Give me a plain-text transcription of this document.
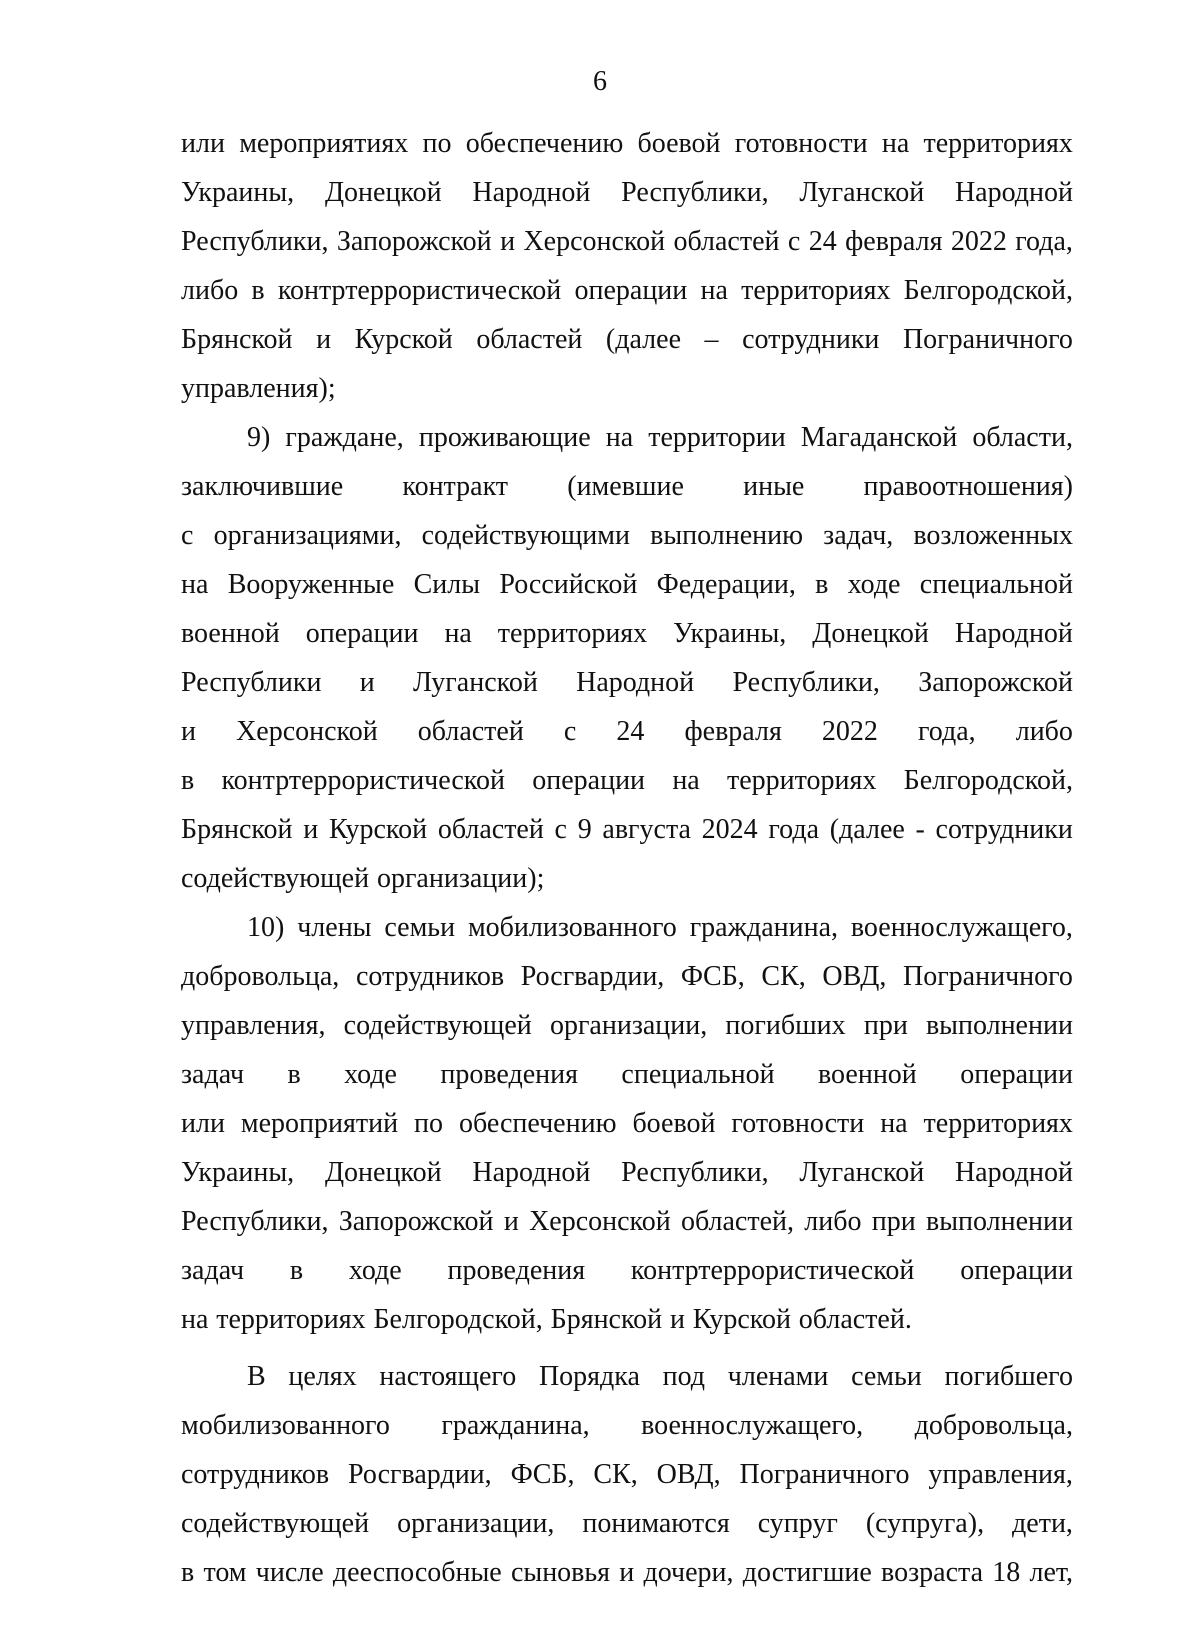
6
или мероприятиях по обеспечению боевой готовности на территориях
Украины, Донецкой Народной Республики, Луганской Народной
Республики, Запорожской и Херсонской областей с 24 февраля 2022 года,
либо в контртеррористической операции на территориях Белгородской,
Брянской и Курской областей (далее – сотрудники Пограничного
управления);
9) граждане, проживающие на территории Магаданской области,
заключившие контракт (имевшие иные правоотношения)
с организациями, содействующими выполнению задач, возложенных
на Вооруженные Силы Российской Федерации, в ходе специальной
военной операции на территориях Украины, Донецкой Народной
Республики и Луганской Народной Республики, Запорожской
и Херсонской областей с 24 февраля 2022 года, либо
в контртеррористической операции на территориях Белгородской,
Брянской и Курской областей с 9 августа 2024 года (далее - сотрудники
содействующей организации);
10) члены семьи мобилизованного гражданина, военнослужащего,
добровольца, сотрудников Росгвардии, ФСБ, СК, ОВД, Пограничного
управления, содействующей организации, погибших при выполнении
задач в ходе проведения специальной военной операции
или мероприятий по обеспечению боевой готовности на территориях
Украины, Донецкой Народной Республики, Луганской Народной
Республики, Запорожской и Херсонской областей, либо при выполнении
задач в ходе проведения контртеррористической операции
на территориях Белгородской, Брянской и Курской областей.
В целях настоящего Порядка под членами семьи погибшего
мобилизованного гражданина, военнослужащего, добровольца,
сотрудников Росгвардии, ФСБ, СК, ОВД, Пограничного управления,
содействующей организации, понимаются супруг (супруга), дети,
в том числе дееспособные сыновья и дочери, достигшие возраста 18 лет,
